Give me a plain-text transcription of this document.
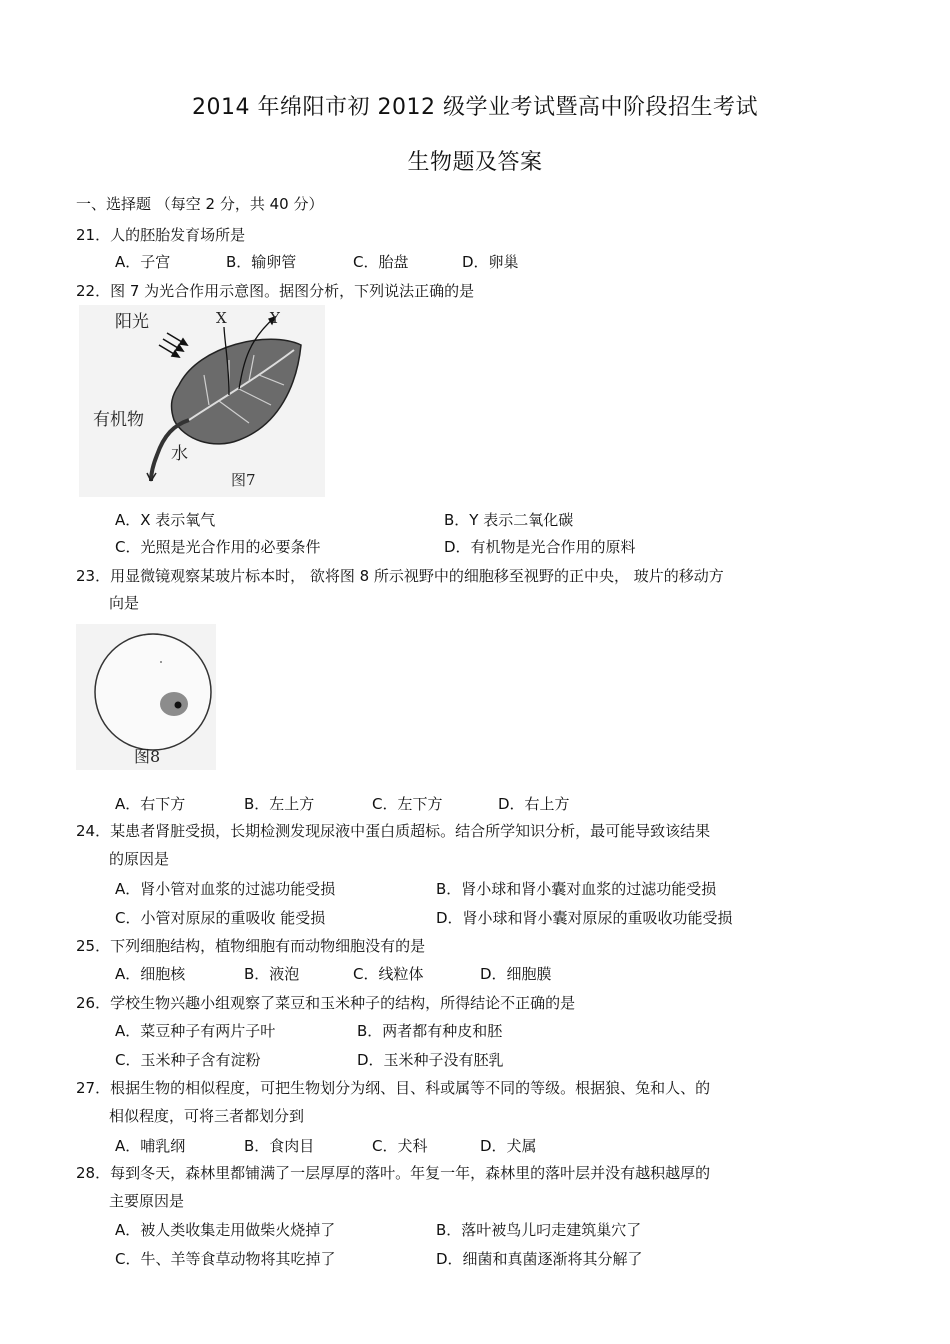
2014 年绵阳市初 2012 级学业考试暨高中阶段招生考试
生物题及答案
一、选择题 （每空 2 分，共 40 分）
21．人的胚胎发育场所是
A．子宫	B．输卵管	C．胎盘	D．卵巢
22．图 7 为光合作用示意图。据图分析，下列说法正确的是
阳光	X	Y
有机物
水
图7
A．X 表示氧气	B．Y 表示二氧化碳
C．光照是光合作用的必要条件	D．有机物是光合作用的原料
23．用显微镜观察某玻片标本时， 欲将图 8 所示视野中的细胞移至视野的正中央， 玻片的移动方
向是
图8
A．右下方	B．左上方	C．左下方	D．右上方
24．某患者肾脏受损，长期检测发现尿液中蛋白质超标。结合所学知识分析，最可能导致该结果
的原因是
A．肾小管对血浆的过滤功能受损	B．肾小球和肾小囊对血浆的过滤功能受损
C．小管对原尿的重吸收 能受损	D．肾小球和肾小囊对原尿的重吸收功能受损
25．下列细胞结构，植物细胞有而动物细胞没有的是
A．细胞核	B．液泡	C．线粒体	D．细胞膜
26．学校生物兴趣小组观察了菜豆和玉米种子的结构，所得结论不正确的是
A．菜豆种子有两片子叶	B．两者都有种皮和胚
C．玉米种子含有淀粉	D．玉米种子没有胚乳
27．根据生物的相似程度，可把生物划分为纲、目、科或属等不同的等级。根据狼、兔和人、的
相似程度，可将三者都划分到
A．哺乳纲	B．食肉目	C．犬科	D．犬属
28．每到冬天，森林里都铺满了一层厚厚的落叶。年复一年，森林里的落叶层并没有越积越厚的
主要原因是
A．被人类收集走用做柴火烧掉了	B．落叶被鸟儿叼走建筑巢穴了
C．牛、羊等食草动物将其吃掉了	D．细菌和真菌逐渐将其分解了
